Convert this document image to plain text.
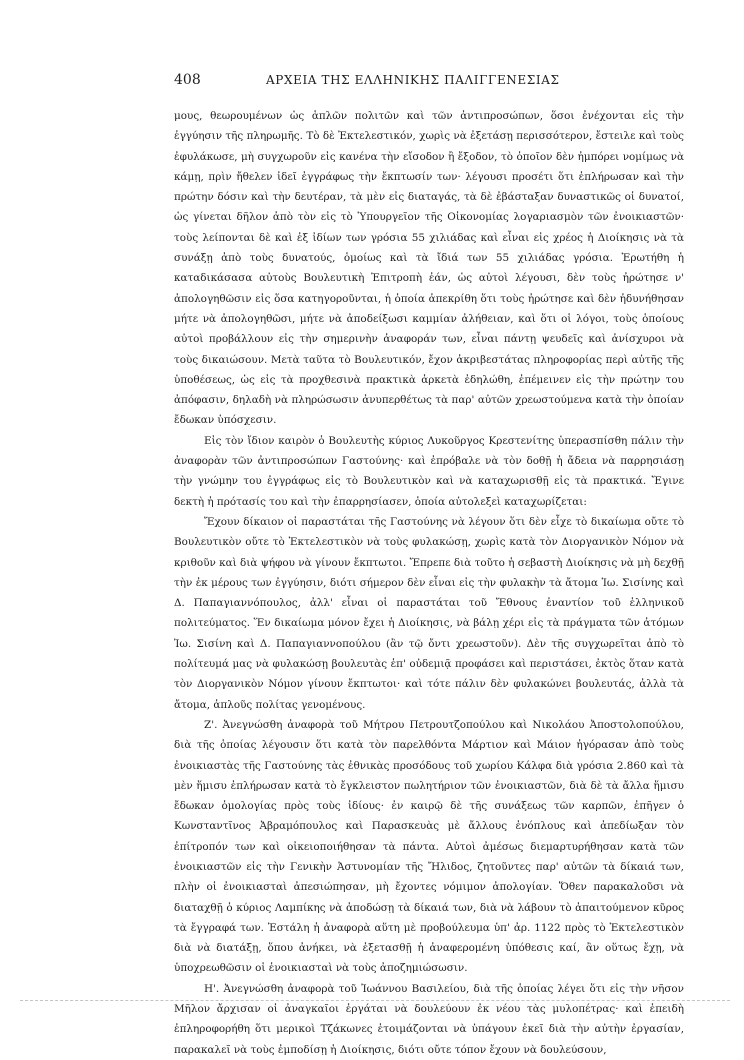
408	ΑΡΧΕΙΑ ΤΗΣ ΕΛΛΗΝΙΚΗΣ ΠΑΛΙΓΓΕΝΕΣΙΑΣ

μους, θεωρουμένων ὡς ἁπλῶν πολιτῶν καὶ τῶν ἀντιπροσώπων, ὅσοι ἐνέχονται εἰς τὴν ἐγγύησιν τῆς πληρωμῆς. Τὸ δὲ Ἐκτελεστικόν, χωρὶς νὰ ἐξετάσῃ περισσότερον, ἔστειλε καὶ τοὺς ἐφυλάκωσε, μὴ συγχωροῦν εἰς κανένα τὴν εἴσοδον ἢ ἔξοδον, τὸ ὁποῖον δὲν ἠμπόρει νομίμως νὰ κάμῃ, πρὶν ἤθελεν ἰδεῖ ἐγγράφως τὴν ἔκπτωσίν των· λέγουσι προσέτι ὅτι ἐπλήρωσαν καὶ τὴν πρώτην δόσιν καὶ τὴν δευτέραν, τὰ μὲν εἰς διαταγάς, τὰ δὲ ἐβάσταξαν δυναστικῶς οἱ δυνατοί, ὡς γίνεται δῆλον ἀπὸ τὸν εἰς τὸ Ὑπουργεῖον τῆς Οἰκονομίας λογαριασμὸν τῶν ἐνοικιαστῶν· τοὺς λείπονται δὲ καὶ ἐξ ἰδίων των γρόσια 55 χιλιάδας καὶ εἶναι εἰς χρέος ἡ Διοίκησις νὰ τὰ συνάξῃ ἀπὸ τοὺς δυνατούς, ὁμοίως καὶ τὰ ἴδιά των 55 χιλιάδας γρόσια. Ἐρωτήθη ἡ καταδικάσασα αὐτοὺς Βουλευτικὴ Ἐπιτροπὴ ἐάν, ὡς αὐτοὶ λέγουσι, δὲν τοὺς ἠρώτησε ν' ἀπολογηθῶσιν εἰς ὅσα κατηγοροῦνται, ἡ ὁποία ἀπεκρίθη ὅτι τοὺς ἠρώτησε καὶ δὲν ἠδυνήθησαν μήτε νὰ ἀπολογηθῶσι, μήτε νὰ ἀποδείξωσι καμμίαν ἀλήθειαν, καὶ ὅτι οἱ λόγοι, τοὺς ὁποίους αὐτοὶ προβάλλουν εἰς τὴν σημερινὴν ἀναφοράν των, εἶναι πάντῃ ψευδεῖς καὶ ἀνίσχυροι νὰ τοὺς δικαιώσουν. Μετὰ ταῦτα τὸ Βουλευτικόν, ἔχον ἀκριβεστάτας πληροφορίας περὶ αὐτῆς τῆς ὑποθέσεως, ὡς εἰς τὰ προχθεσινὰ πρακτικὰ ἀρκετὰ ἐδηλώθη, ἐπέμεινεν εἰς τὴν πρώτην του ἀπόφασιν, δηλαδὴ νὰ πληρώσωσιν ἀνυπερθέτως τὰ παρ' αὐτῶν χρεωστούμενα κατὰ τὴν ὁποίαν ἔδωκαν ὑπόσχεσιν.

Εἰς τὸν ἴδιον καιρὸν ὁ Βουλευτὴς κύριος Λυκοῦργος Κρεστενίτης ὑπερασπίσθη πάλιν τὴν ἀναφορὰν τῶν ἀντιπροσώπων Γαστούνης· καὶ ἐπρόβαλε νὰ τὸν δοθῇ ἡ ἄδεια νὰ παρρησιάσῃ τὴν γνώμην του ἐγγράφως εἰς τὸ Βουλευτικὸν καὶ νὰ καταχωρισθῇ εἰς τὰ πρακτικά. Ἔγινε δεκτὴ ἡ πρότασίς του καὶ τὴν ἐπαρρησίασεν, ὁποία αὐτολεξεὶ καταχωρίζεται:

Ἔχουν δίκαιον οἱ παραστάται τῆς Γαστούνης νὰ λέγουν ὅτι δὲν εἶχε τὸ δικαίωμα οὔτε τὸ Βουλευτικὸν οὔτε τὸ Ἐκτελεστικὸν νὰ τοὺς φυλακώσῃ, χωρὶς κατὰ τὸν Διοργανικὸν Νόμον νὰ κριθοῦν καὶ διὰ ψήφου νὰ γίνουν ἔκπτωτοι. Ἔπρεπε διὰ τοῦτο ἡ σεβαστὴ Διοίκησις νὰ μὴ δεχθῇ τὴν ἐκ μέρους των ἐγγύησιν, διότι σήμερον δὲν εἶναι εἰς τὴν φυλακὴν τὰ ἄτομα Ἰω. Σισίνης καὶ Δ. Παπαγιαννόπουλος, ἀλλ' εἶναι οἱ παραστάται τοῦ Ἔθνους ἐναντίον τοῦ ἑλληνικοῦ πολιτεύματος. Ἕν δικαίωμα μόνον ἔχει ἡ Διοίκησις, νὰ βάλῃ χέρι εἰς τὰ πράγματα τῶν ἀτόμων Ἰω. Σισίνη καὶ Δ. Παπαγιαννοπούλου (ἂν τῷ ὄντι χρεωστοῦν). Δὲν τῆς συγχωρεῖται ἀπὸ τὸ πολίτευμά μας νὰ φυλακώσῃ βουλευτὰς ἐπ' οὐδεμιᾷ προφάσει καὶ περιστάσει, ἐκτὸς ὅταν κατὰ τὸν Διοργανικὸν Νόμον γίνουν ἔκπτωτοι· καὶ τότε πάλιν δὲν φυλακώνει βουλευτάς, ἀλλὰ τὰ ἄτομα, ἁπλοῦς πολίτας γενομένους.

Ζ'. Ἀνεγνώσθη ἀναφορὰ τοῦ Μήτρου Πετρουτζοπούλου καὶ Νικολάου Ἀποστολοπούλου, διὰ τῆς ὁποίας λέγουσιν ὅτι κατὰ τὸν παρελθόντα Μάρτιον καὶ Μάιον ἠγόρασαν ἀπὸ τοὺς ἐνοικιαστὰς τῆς Γαστούνης τὰς ἐθνικὰς προσόδους τοῦ χωρίου Κάλφα διὰ γρόσια 2.860 καὶ τὰ μὲν ἥμισυ ἐπλήρωσαν κατὰ τὸ ἔγκλειστον πωλητήριον τῶν ἐνοικιαστῶν, διὰ δὲ τὰ ἄλλα ἥμισυ ἔδωκαν ὁμολογίας πρὸς τοὺς ἰδίους· ἐν καιρῷ δὲ τῆς συνάξεως τῶν καρπῶν, ἐπῆγεν ὁ Κωνσταντῖνος Ἀβραμόπουλος καὶ Παρασκευὰς μὲ ἄλλους ἐνόπλους καὶ ἀπεδίωξαν τὸν ἐπίτροπόν των καὶ οἰκειοποιήθησαν τὰ πάντα. Αὐτοὶ ἀμέσως διεμαρτυρήθησαν κατὰ τῶν ἐνοικιαστῶν εἰς τὴν Γενικὴν Ἀστυνομίαν τῆς Ἤλιδος, ζητοῦντες παρ' αὐτῶν τὰ δίκαιά των, πλὴν οἱ ἐνοικιασταὶ ἀπεσιώπησαν, μὴ ἔχοντες νόμιμον ἀπολογίαν. Ὅθεν παρακαλοῦσι νὰ διαταχθῇ ὁ κύριος Λαμπίκης νὰ ἀποδώσῃ τὰ δίκαιά των, διὰ νὰ λάβουν τὸ ἀπαιτούμενον κῦρος τὰ ἔγγραφά των. Ἐστάλη ἡ ἀναφορὰ αὕτη μὲ προβούλευμα ὑπ' ἀρ. 1122 πρὸς τὸ Ἐκτελεστικὸν διὰ νὰ διατάξῃ, ὅπου ἀνήκει, νὰ ἐξετασθῇ ἡ ἀναφερομένη ὑπόθεσις καί, ἂν οὕτως ἔχῃ, νὰ ὑποχρεωθῶσιν οἱ ἐνοικιασταὶ νὰ τοὺς ἀποζημιώσωσιν.

Η'. Ἀνεγνώσθη ἀναφορὰ τοῦ Ἰωάννου Βασιλείου, διὰ τῆς ὁποίας λέγει ὅτι εἰς τὴν νῆσον Μῆλον ἄρχισαν οἱ ἀναγκαῖοι ἐργάται νὰ δουλεύουν ἐκ νέου τὰς μυλοπέτρας· καὶ ἐπειδὴ ἐπληροφορήθη ὅτι μερικοὶ Τζάκωνες ἑτοιμάζονται νὰ ὑπάγουν ἐκεῖ διὰ τὴν αὐτὴν ἐργασίαν, παρακαλεῖ νὰ τοὺς ἐμποδίσῃ ἡ Διοίκησις, διότι οὔτε τόπον ἔχουν νὰ δουλεύσουν,
